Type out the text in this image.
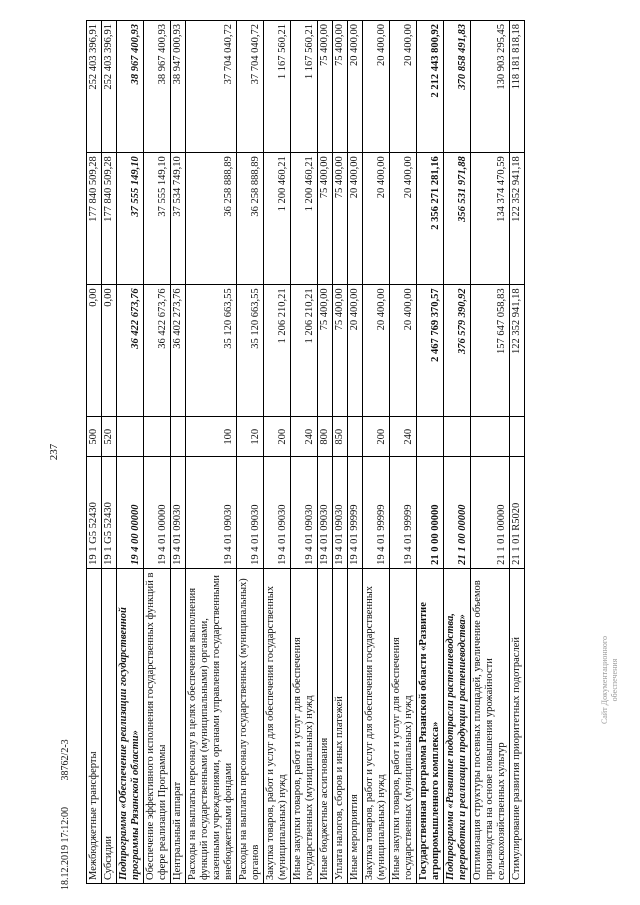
237
Межбюджетные трансферты	19 1 G5 52430	500	0,00	177 840 509,28	252 403 396,91
Субсидии	19 1 G5 52430	520	0,00	177 840 509,28	252 403 396,91
Подпрограмма «Обеспечение реализации государственной программы Рязанской области»	19 4 00 00000		36 422 673,76	37 555 149,10	38 967 400,93
Обеспечение эффективного исполнения государственных функций в сфере реализации Программы	19 4 01 00000		36 422 673,76	37 555 149,10	38 967 400,93
Центральный аппарат	19 4 01 09030		36 402 273,76	37 534 749,10	38 947 000,93
Расходы на выплаты персоналу в целях обеспечения выполнения функций государственными (муниципальными) органами, казенными учреждениями, органами управления государственными внебюджетными фондами	19 4 01 09030	100	35 120 663,55	36 258 888,89	37 704 040,72
Расходы на выплаты персоналу государственных (муниципальных) органов	19 4 01 09030	120	35 120 663,55	36 258 888,89	37 704 040,72
Закупка товаров, работ и услуг для обеспечения государственных (муниципальных) нужд	19 4 01 09030	200	1 206 210,21	1 200 460,21	1 167 560,21
Иные закупки товаров, работ и услуг для обеспечения государственных (муниципальных) нужд	19 4 01 09030	240	1 206 210,21	1 200 460,21	1 167 560,21
Иные бюджетные ассигнования	19 4 01 09030	800	75 400,00	75 400,00	75 400,00
Уплата налогов, сборов и иных платежей	19 4 01 09030	850	75 400,00	75 400,00	75 400,00
Иные мероприятия	19 4 01 99999		20 400,00	20 400,00	20 400,00
Закупка товаров, работ и услуг для обеспечения государственных (муниципальных) нужд	19 4 01 99999	200	20 400,00	20 400,00	20 400,00
Иные закупки товаров, работ и услуг для обеспечения государственных (муниципальных) нужд	19 4 01 99999	240	20 400,00	20 400,00	20 400,00
Государственная программа Рязанской области «Развитие агропромышленного комплекса»	21 0 00 00000		2 467 769 370,57	2 356 271 281,16	2 212 443 800,92
Подпрограмма «Развитие подотрасли растениеводства, переработки и реализации продукции растениеводства»	21 1 00 00000		376 579 390,92	356 531 971,88	370 858 491,83
Оптимизация структуры посевных площадей, увеличение объемов производства на основе повышения урожайности сельскохозяйственных культур	21 1 01 00000		157 647 058,83	134 374 470,59	130 903 295,45
Стимулирование развития приоритетных подотраслей	21 1 01 R5020		122 352 941,18	122 352 941,18	118 181 818,18
18.12.2019 17:12:00 38762/2-3
Сайт Документационного обеспечения
